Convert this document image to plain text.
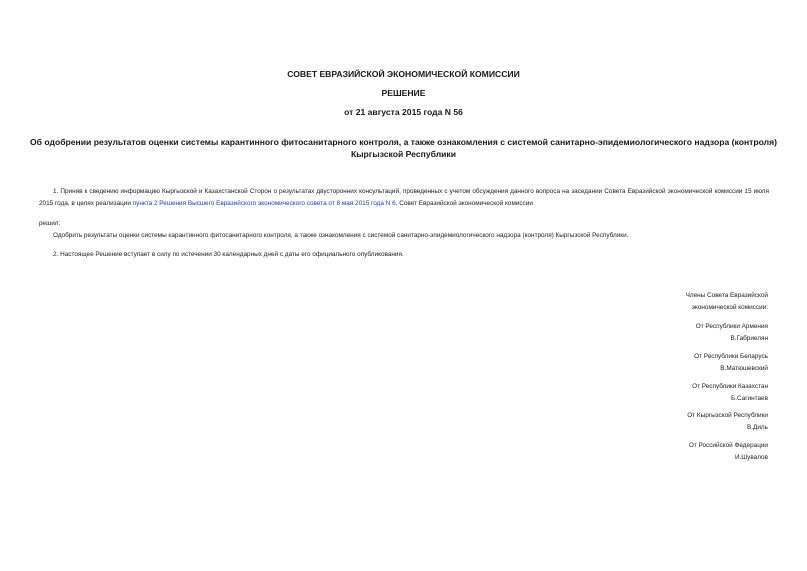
СОВЕТ ЕВРАЗИЙСКОЙ ЭКОНОМИЧЕСКОЙ КОМИССИИ
РЕШЕНИЕ
от 21 августа 2015 года N 56
Об одобрении результатов оценки системы карантинного фитосанитарного контроля, а также ознакомления с системой санитарно-эпидемиологического надзора (контроля) Кыргызской Республики
1. Приняв к сведению информацию Кыргызской и Казахстанской Сторон о результатах двусторонних консультаций, проведенных с учетом обсуждения данного вопроса на заседании Совета Евразийской экономической комиссии 15 июля 2015 года, в целях реализации пункта 2 Решения Высшего Евразийского экономического совета от 8 мая 2015 года N 6, Совет Евразийской экономической комиссии
решил:
Одобрить результаты оценки системы карантинного фитосанитарного контроля, а также ознакомления с системой санитарно-эпидемиологического надзора (контроля) Кыргызской Республики.
2. Настоящее Решение вступает в силу по истечении 30 календарных дней с даты его официального опубликования.
Члены Совета Евразийской
экономической комиссии:
От Республики Армения
В.Габриелян
От Республики Беларусь
В.Матюшевский
От Республики Казахстан
Б.Сагинтаев
От Кыргызской Республики
В.Диль
От Российской Федерации
И.Шувалов
